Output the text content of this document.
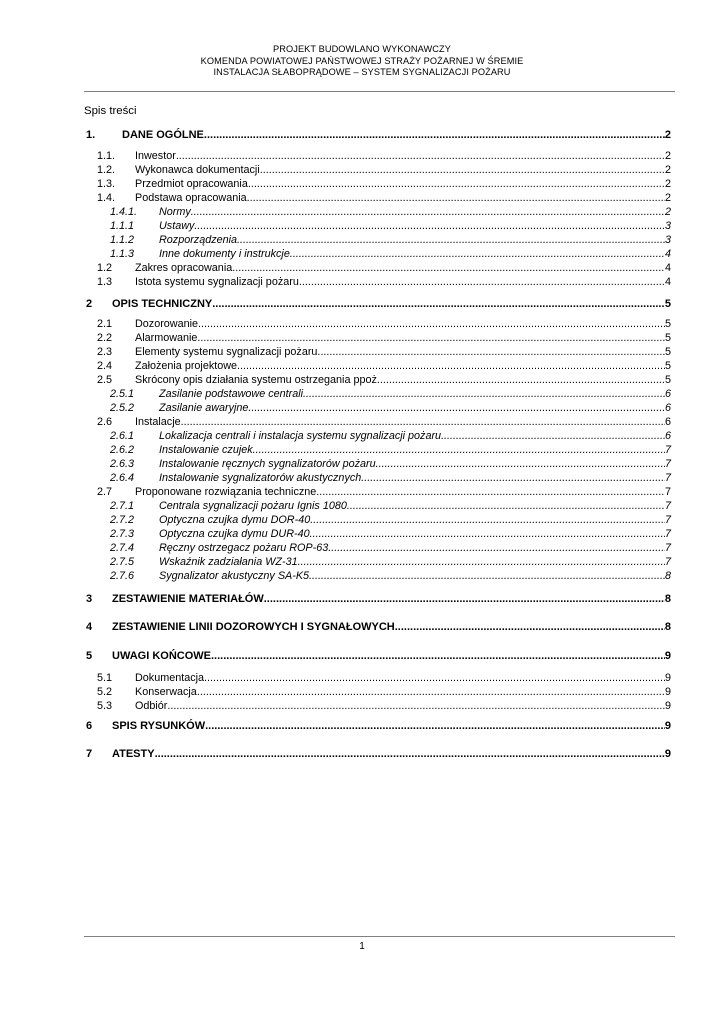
PROJEKT BUDOWLANO WYKONAWCZY
KOMENDA POWIATOWEJ PAŃSTWOWEJ STRAŻY POŻARNEJ W ŚREMIE
INSTALACJA SŁABOPRĄDOWE – SYSTEM SYGNALIZACJI POŻARU
Spis treści
1.	DANE OGÓLNE .....	2
1.1.	Inwestor .....	2
1.2.	Wykonawca dokumentacji .....	2
1.3.	Przedmiot opracowania .....	2
1.4.	Podstawa opracowania .....	2
1.4.1.	Normy .....	2
1.1.1	Ustawy .....	3
1.1.2	Rozporządzenia .....	3
1.1.3	Inne dokumenty i instrukcje .....	4
1.2	Zakres opracowania .....	4
1.3	Istota systemu sygnalizacji pożaru .....	4
2	OPIS TECHNICZNY .....	5
2.1	Dozorowanie .....	5
2.2	Alarmowanie .....	5
2.3	Elementy systemu sygnalizacji pożaru. .....	5
2.4	Założenia projektowe .....	5
2.5	Skrócony opis działania systemu ostrzegania ppoż. .....	5
2.5.1	Zasilanie podstawowe centrali .....	6
2.5.2	Zasilanie awaryjne. .....	6
2.6	Instalacje .....	6
2.6.1	Lokalizacja centrali i instalacja systemu sygnalizacji pożaru .....	6
2.6.2	Instalowanie czujek .....	7
2.6.3	Instalowanie ręcznych sygnalizatorów pożaru .....	7
2.6.4	Instalowanie sygnalizatorów akustycznych. .....	7
2.7	Proponowane rozwiązania techniczne .....	7
2.7.1	Centrala sygnalizacji pożaru Ignis 1080. .....	7
2.7.2	Optyczna czujka dymu DOR-40 .....	7
2.7.3	Optyczna czujka dymu DUR-40 .....	7
2.7.4	Ręczny ostrzegacz pożaru ROP-63 .....	7
2.7.5	Wskaźnik zadziałania WZ-31 .....	7
2.7.6	Sygnalizator akustyczny SA-K5 .....	8
3	ZESTAWIENIE MATERIAŁÓW .....	8
4	ZESTAWIENIE LINII DOZOROWYCH I SYGNAŁOWYCH .....	8
5	UWAGI KOŃCOWE .....	9
5.1	Dokumentacja .....	9
5.2	Konserwacja .....	9
5.3	Odbiór .....	9
6	SPIS RYSUNKÓW .....	9
7	ATESTY .....	9
1
